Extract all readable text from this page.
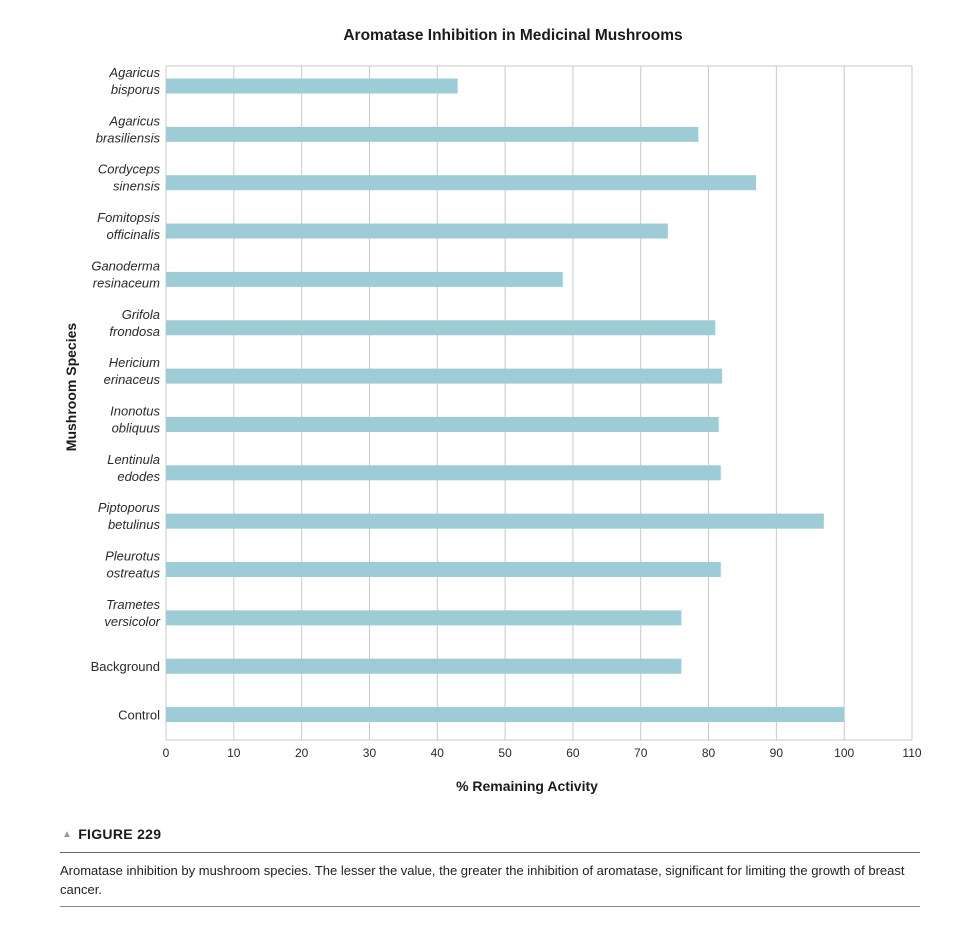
Aromatase Inhibition in Medicinal Mushrooms
Agaricus
bisporus
Agaricus
brasiliensis
Cordyceps
sinensis
Fomitopsis
officinalis
Ganoderma
resinaceum
Grifola
frondosa
Hericium
erinaceus
Inonotus
obliquus
Lentinula
edodes
Piptoporus
betulinus
Pleurotus
ostreatus
Trametes
versicolor
Background
Control
0	10	20	30	40	50	60	70	80	90	100	110
% Remaining Activity
Mushroom Species
▲ FIGURE 229
Aromatase inhibition by mushroom species. The lesser the value, the greater the inhibition of aromatase, significant for limiting the growth of breast cancer.
